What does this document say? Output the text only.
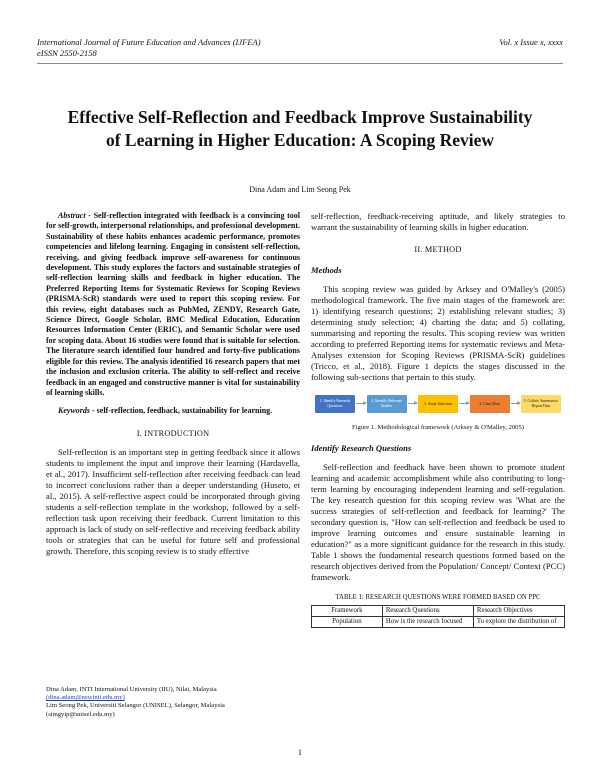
International Journal of Future Education and Advances (IJFEA)
eISSN 2550-2158
Vol. x Issue x, xxxx
Effective Self-Reflection and Feedback Improve Sustainability of Learning in Higher Education: A Scoping Review
Dina Adam and Lim Seong Pek

Abstract - Self-reflection integrated with feedback is a convincing tool for self-growth, interpersonal relationships, and professional development. Sustainability of these habits enhances academic performance, promotes competencies and lifelong learning. Engaging in consistent self-reflection, receiving, and giving feedback improve self-awareness for continuous development. This study explores the factors and sustainable strategies of self-reflection learning skills and feedback in higher education. The Preferred Reporting Items for Systematic Reviews for Scoping Reviews (PRISMA-ScR) standards were used to report this scoping review. For this review, eight databases such as PubMed, ZENDY, Research Gate, Science Direct, Google Scholar, BMC Medical Education, Education Resources Information Center (ERIC), and Semantic Scholar were used for scoping data. About 16 studies were found that is suitable for selection. The literature search identified four hundred and forty-five publications eligible for this review. The analysis identified 16 research papers that met the inclusion and exclusion criteria. The ability to self-reflect and receive feedback in an engaged and constructive manner is vital for sustainability of learning skills.

Keywords - self-reflection, feedback, sustainability for learning.

I. INTRODUCTION

Self-reflection is an important step in getting feedback since it allows students to implement the input and improve their learning (Hardavella, et al., 2017). Insufficient self-reflection after receiving feedback can lead to incorrect conclusions rather than a deeper understanding (Huseto, et al., 2015). A self-reflective aspect could be incorporated through giving students a self-reflection template in the workshop, followed by a self-reflection task upon receiving their feedback. Current limitation to this approach is lack of study on self-reflective and receiving feedback ability tools or strategies that can be useful for future self and professional growth. Therefore, this scoping review is to study effective

self-reflection, feedback-receiving aptitude, and likely strategies to warrant the sustainability of learning skills in higher education.

II. METHOD
Methods

This scoping review was guided by Arksey and O'Malley's (2005) methodological framework. The five main stages of the framework are: 1) identifying research questions; 2) establishing relevant studies; 3) determining study selection; 4) charting the data; and 5) collating, summarising and reporting the results. This scoping review was written according to preferred Reporting items for systematic reviews and Meta-Analyses extension for Scoping Reviews (PRISMA-ScR) guidelines (Tricco, et al., 2018). Figure 1 depicts the stages discussed in the following sub-sections that pertain to this study.

1. Identify Research Questions
2. Identify Relevant Studies
3. Study Selection	4. Chart Data
5. Collate, Summarise, Report Data
Figure 1. Methodological framework (Arksey & O'Malley, 2005)
Identify Research Questions

Self-reflection and feedback have been shown to promote student learning and academic accomplishment while also contributing to long-term learning by encouraging independent learning and self-regulation. The key research question for this scoping review was 'What are the success strategies of self-reflection and feedback for learning?' The secondary question is, "How can self-reflection and feedback be used to improve learning outcomes and ensure sustainable learning in education?" as a more significant guidance for the research in this study. Table 1 shows the fundamental research questions formed based on the research objectives derived from the Population/ Concept/ Context (PCC) framework.

TABLE 1: RESEARCH QUESTIONS WERE FORMED BASED ON PPC
Framework	Research Questions	Research Objectives
Population	How is the research focused	To explore the distribution of
Dina Adam, INTI International University (IIU), Nilai, Malaysia
(dina.adam@newinti.edu.my)
Lim Seong Pek, Universiti Selangor (UNISEL), Selangor, Malaysia
(simgyip@unisel.edu.my)
1
